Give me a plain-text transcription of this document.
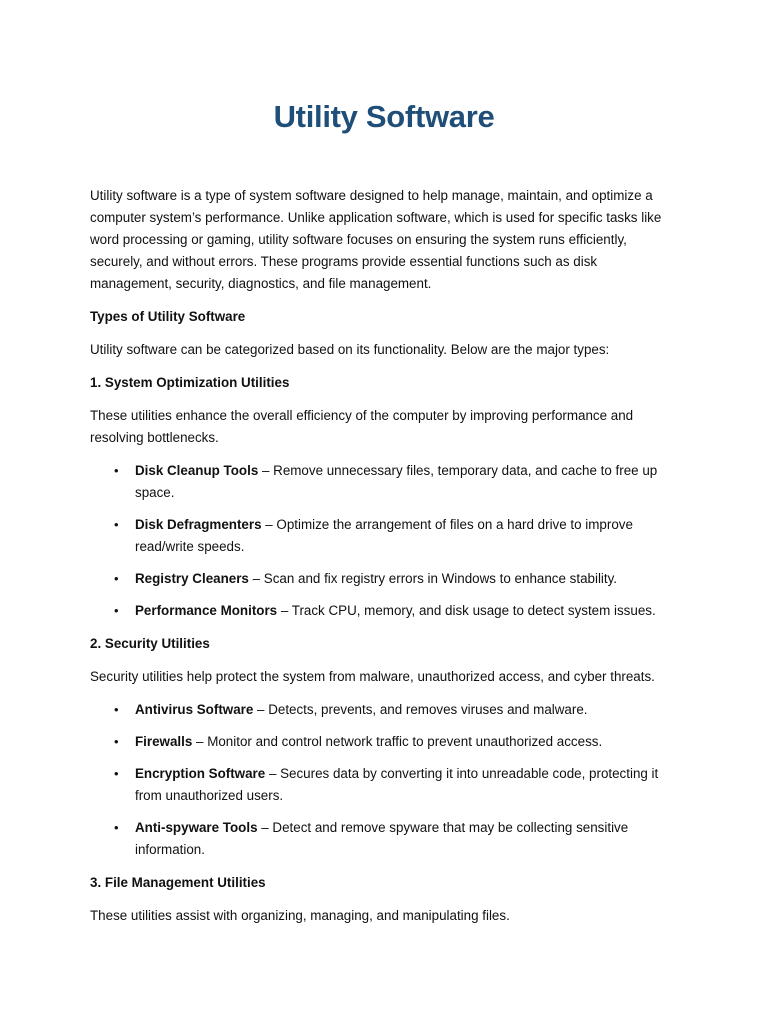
Utility Software

Utility software is a type of system software designed to help manage, maintain, and optimize a computer system’s performance. Unlike application software, which is used for specific tasks like word processing or gaming, utility software focuses on ensuring the system runs efficiently, securely, and without errors. These programs provide essential functions such as disk management, security, diagnostics, and file management.

Types of Utility Software

Utility software can be categorized based on its functionality. Below are the major types:

1. System Optimization Utilities

These utilities enhance the overall efficiency of the computer by improving performance and resolving bottlenecks.

• Disk Cleanup Tools – Remove unnecessary files, temporary data, and cache to free up space.
• Disk Defragmenters – Optimize the arrangement of files on a hard drive to improve read/write speeds.
• Registry Cleaners – Scan and fix registry errors in Windows to enhance stability.
• Performance Monitors – Track CPU, memory, and disk usage to detect system issues.

2. Security Utilities

Security utilities help protect the system from malware, unauthorized access, and cyber threats.

• Antivirus Software – Detects, prevents, and removes viruses and malware.
• Firewalls – Monitor and control network traffic to prevent unauthorized access.
• Encryption Software – Secures data by converting it into unreadable code, protecting it from unauthorized users.
• Anti-spyware Tools – Detect and remove spyware that may be collecting sensitive information.

3. File Management Utilities

These utilities assist with organizing, managing, and manipulating files.
